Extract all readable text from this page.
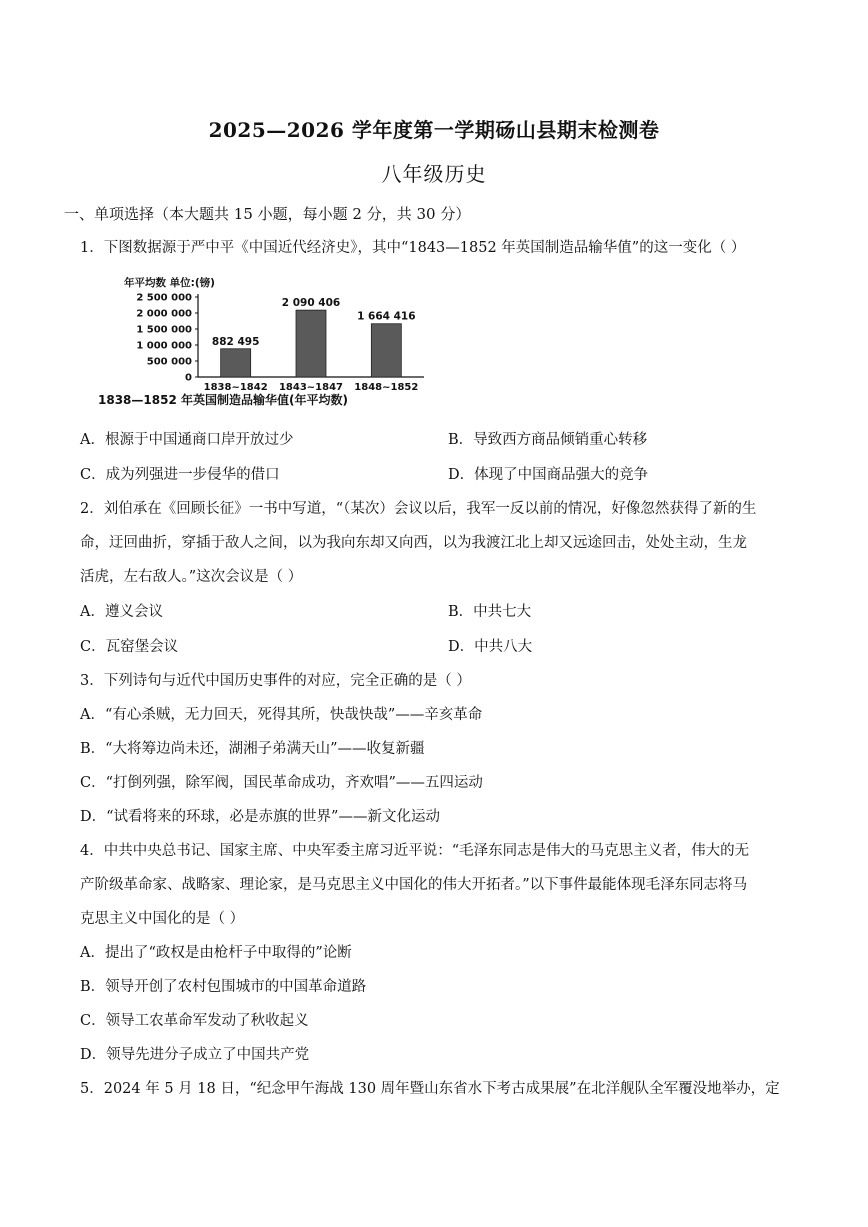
2025—2026 学年度第一学期砀山县期末检测卷
八年级历史
一、单项选择（本大题共 15 小题，每小题 2 分，共 30 分）
1．下图数据源于严中平《中国近代经济史》，其中“1843—1852 年英国制造品输华值”的这一变化（ ）
年平均数 单位:(镑)
2 500 000
2 000 000
1 500 000
1 000 000
500 000
0
882 495
2 090 406
1 664 416
1838~1842 1843~1847 1848~1852
1838—1852 年英国制造品输华值(年平均数)
A．根源于中国通商口岸开放过少	B．导致西方商品倾销重心转移
C．成为列强进一步侵华的借口	D．体现了中国商品强大的竞争
2．刘伯承在《回顾长征》一书中写道，“（某次）会议以后，我军一反以前的情况，好像忽然获得了新的生
命，迂回曲折，穿插于敌人之间，以为我向东却又向西，以为我渡江北上却又远途回击，处处主动，生龙
活虎，左右敌人。”这次会议是（ ）
A．遵义会议	B．中共七大
C．瓦窑堡会议	D．中共八大
3．下列诗句与近代中国历史事件的对应，完全正确的是（ ）
A．“有心杀贼，无力回天，死得其所，快哉快哉”——辛亥革命
B．“大将筹边尚未还，湖湘子弟满天山”——收复新疆
C．“打倒列强，除军阀，国民革命成功，齐欢唱”——五四运动
D．“试看将来的环球，必是赤旗的世界”——新文化运动
4．中共中央总书记、国家主席、中央军委主席习近平说：“毛泽东同志是伟大的马克思主义者，伟大的无
产阶级革命家、战略家、理论家，是马克思主义中国化的伟大开拓者。”以下事件最能体现毛泽东同志将马
克思主义中国化的是（ ）
A．提出了“政权是由枪杆子中取得的”论断
B．领导开创了农村包围城市的中国革命道路
C．领导工农革命军发动了秋收起义
D．领导先进分子成立了中国共产党
5．2024 年 5 月 18 日，“纪念甲午海战 130 周年暨山东省水下考古成果展”在北洋舰队全军覆没地举办，定
